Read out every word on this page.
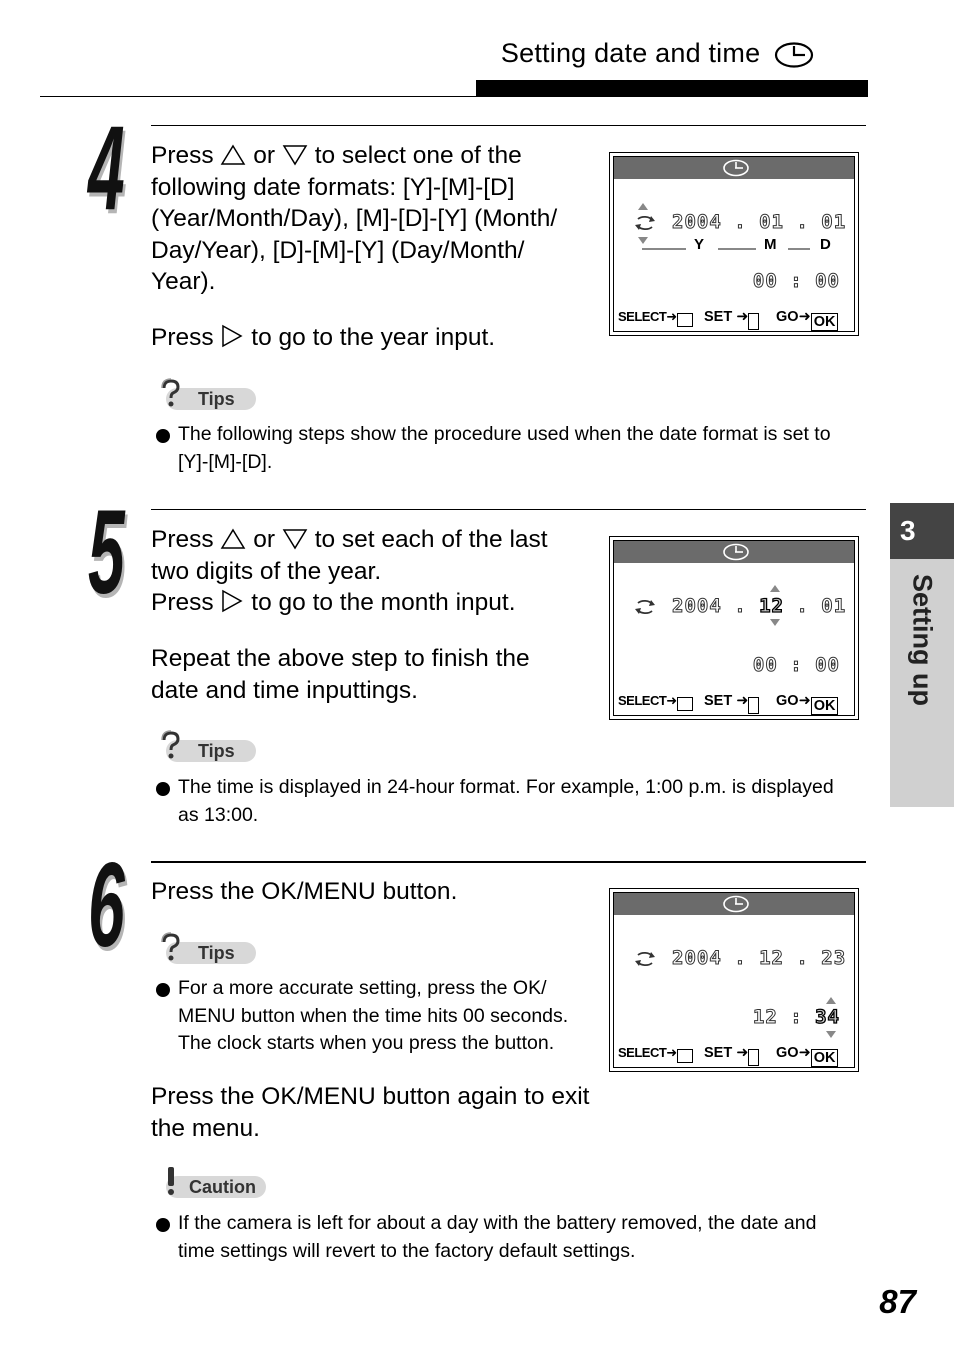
Setting date and time
3
Setting up
4 Press or to select one of the
following date formats: [Y]-[M]-[D]
(Year/Month/Day), [M]-[D]-[Y] (Month/
Day/Year), [D]-[M]-[Y] (Day/Month/
Year).
Press to go to the year input.
2004 . 01 . 01
Y	M	D
00 : 00
SELECT➜ SET ➜ GO➜ OK
Tips
The following steps show the procedure used when the date format is set to
[Y]-[M]-[D].
5 Press or to set each of the last
two digits of the year.
Press to go to the month input.
Repeat the above step to finish the
date and time inputtings.
2004 . 12 . 01
00 : 00
SELECT➜ SET ➜ GO➜ OK
Tips
The time is displayed in 24-hour format. For example, 1:00 p.m. is displayed
as 13:00.
6 Press the OK/MENU button.
Tips
For a more accurate setting, press the OK/
MENU button when the time hits 00 seconds.
The clock starts when you press the button.
Press the OK/MENU button again to exit
the menu.
2004 . 12 . 23
12 : 34
SELECT➜ SET ➜ GO➜ OK
Caution
If the camera is left for about a day with the battery removed, the date and
time settings will revert to the factory default settings.
87
